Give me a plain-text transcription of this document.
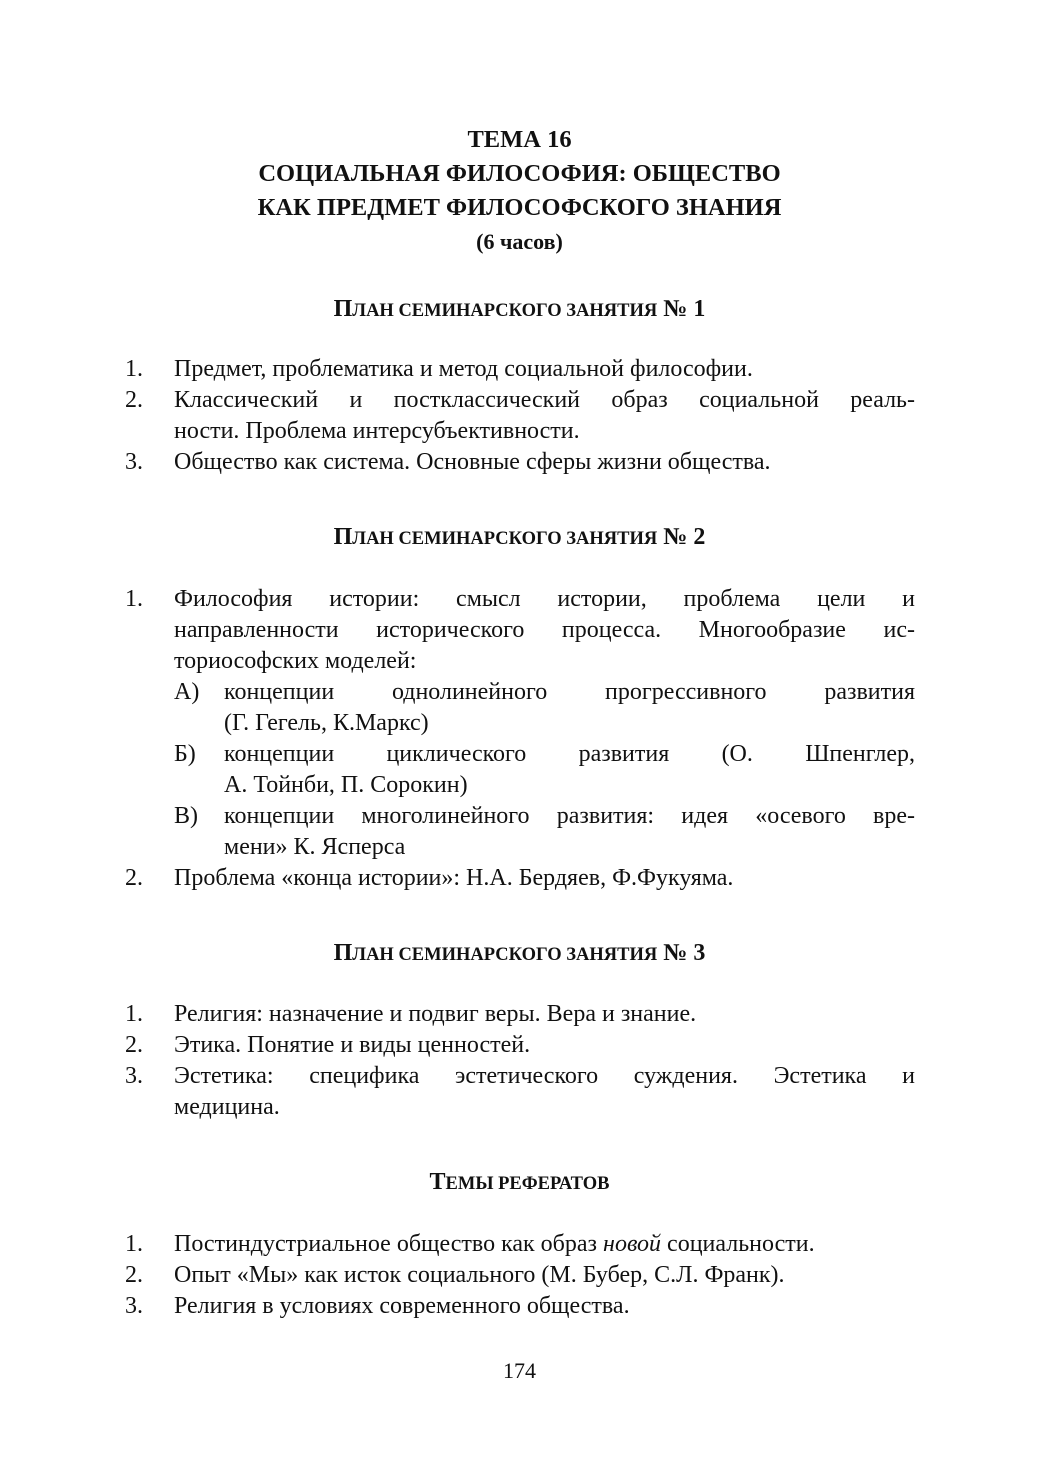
ТЕМА 16
СОЦИАЛЬНАЯ ФИЛОСОФИЯ: ОБЩЕСТВО
КАК ПРЕДМЕТ ФИЛОСОФСКОГО ЗНАНИЯ
(6 часов)
ПЛАН СЕМИНАРСКОГО ЗАНЯТИЯ № 1
1. Предмет, проблематика и метод социальной философии.
2. Классический и постклассический образ социальной реаль-
ности. Проблема интерсубъективности.
3. Общество как система. Основные сферы жизни общества.
ПЛАН СЕМИНАРСКОГО ЗАНЯТИЯ № 2
1. Философия истории: смысл истории, проблема цели и
направленности исторического процесса. Многообразие ис-
ториософских моделей:
А) концепции однолинейного прогрессивного развития
(Г. Гегель, К.Маркс)
Б) концепции циклического развития (О. Шпенглер,
А. Тойнби, П. Сорокин)
В) концепции многолинейного развития: идея «осевого вре-
мени» К. Ясперса
2. Проблема «конца истории»: Н.А. Бердяев, Ф.Фукуяма.
ПЛАН СЕМИНАРСКОГО ЗАНЯТИЯ № 3
1. Религия: назначение и подвиг веры. Вера и знание.
2. Этика. Понятие и виды ценностей.
3. Эстетика: специфика эстетического суждения. Эстетика и
медицина.
ТЕМЫ РЕФЕРАТОВ
1. Постиндустриальное общество как образ новой социальности.
2. Опыт «Мы» как исток социального (М. Бубер, С.Л. Франк).
3. Религия в условиях современного общества.
174
